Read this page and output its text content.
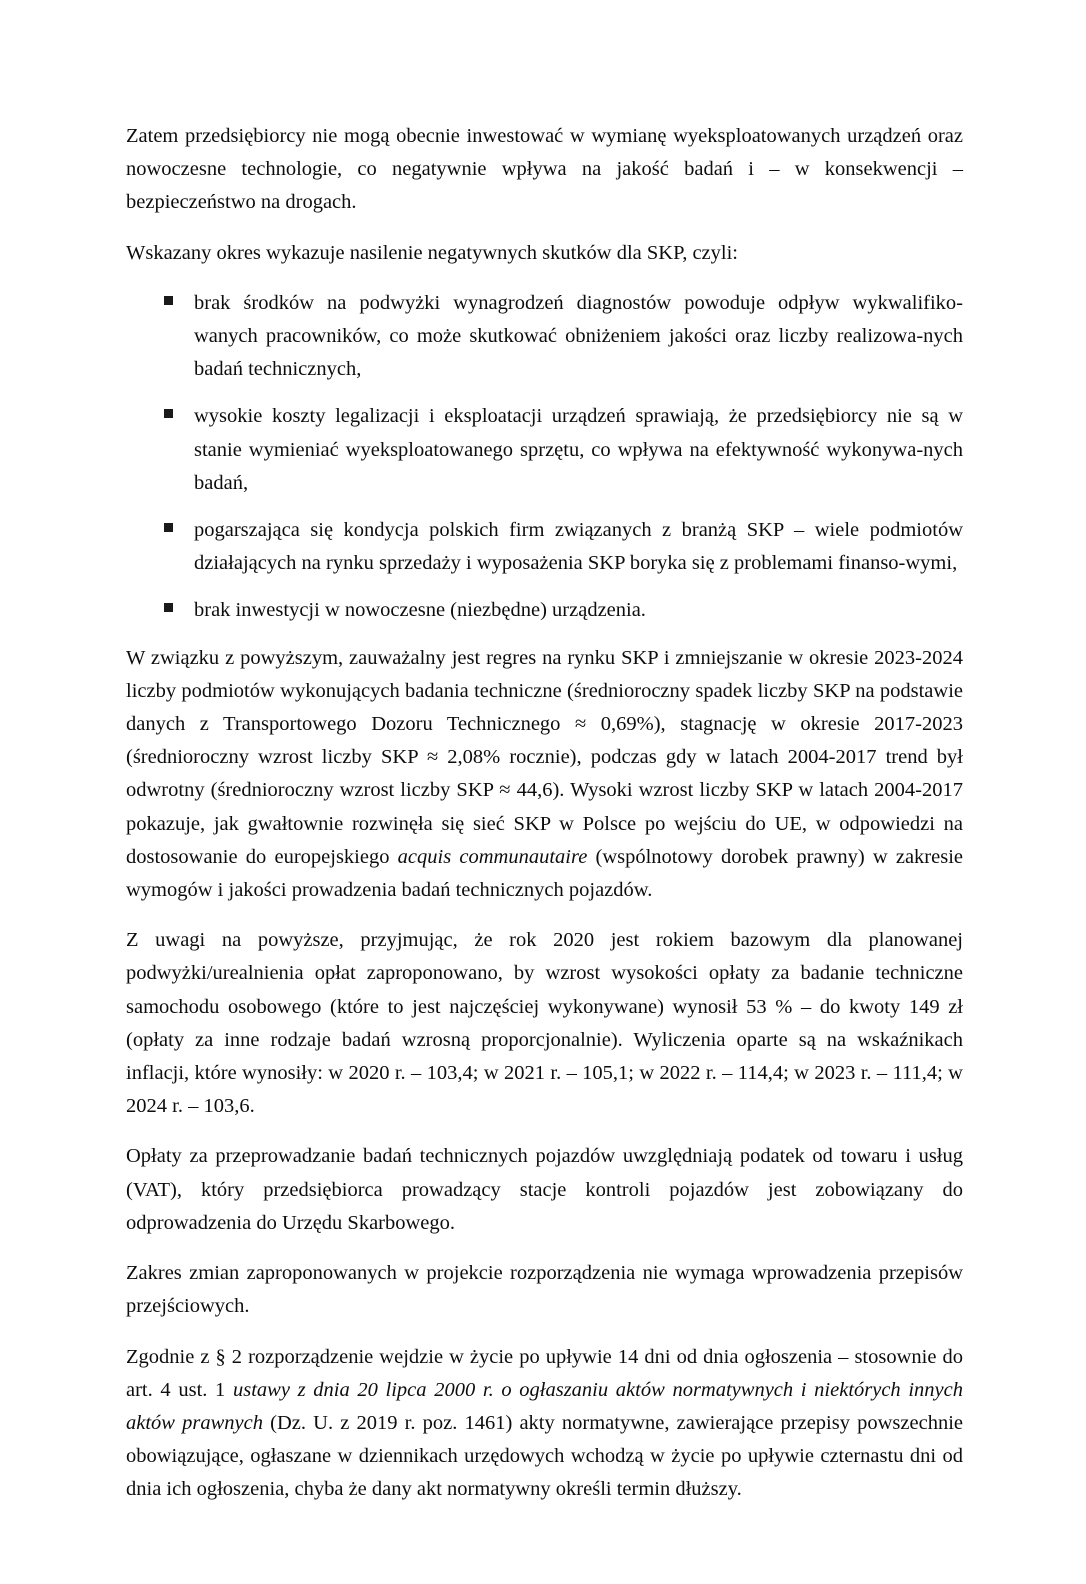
Zatem przedsiębiorcy nie mogą obecnie inwestować w wymianę wyeksploatowanych urządzeń oraz nowoczesne technologie, co negatywnie wpływa na jakość badań i – w konsekwencji – bezpieczeństwo na drogach.

Wskazany okres wykazuje nasilenie negatywnych skutków dla SKP, czyli:

brak środków na podwyżki wynagrodzeń diagnostów powoduje odpływ wykwalifiko-wanych pracowników, co może skutkować obniżeniem jakości oraz liczby realizowa-nych badań technicznych,
wysokie koszty legalizacji i eksploatacji urządzeń sprawiają, że przedsiębiorcy nie są w stanie wymieniać wyeksploatowanego sprzętu, co wpływa na efektywność wykonywa-nych badań,
pogarszająca się kondycja polskich firm związanych z branżą SKP – wiele podmiotów działających na rynku sprzedaży i wyposażenia SKP boryka się z problemami finanso-wymi,
brak inwestycji w nowoczesne (niezbędne) urządzenia.

W związku z powyższym, zauważalny jest regres na rynku SKP i zmniejszanie w okresie 2023-2024 liczby podmiotów wykonujących badania techniczne (średnioroczny spadek liczby SKP na podstawie danych z Transportowego Dozoru Technicznego ≈ 0,69%), stagnację w okresie 2017-2023 (średnioroczny wzrost liczby SKP ≈ 2,08% rocznie), podczas gdy w latach 2004-2017 trend był odwrotny (średnioroczny wzrost liczby SKP ≈ 44,6). Wysoki wzrost liczby SKP w latach 2004-2017 pokazuje, jak gwałtownie rozwinęła się sieć SKP w Polsce po wejściu do UE, w odpowiedzi na dostosowanie do europejskiego acquis communautaire (wspólnotowy dorobek prawny) w zakresie wymogów i jakości prowadzenia badań technicznych pojazdów.

Z uwagi na powyższe, przyjmując, że rok 2020 jest rokiem bazowym dla planowanej podwyżki/urealnienia opłat zaproponowano, by wzrost wysokości opłaty za badanie techniczne samochodu osobowego (które to jest najczęściej wykonywane) wynosił 53 % – do kwoty 149 zł (opłaty za inne rodzaje badań wzrosną proporcjonalnie). Wyliczenia oparte są na wskaźnikach inflacji, które wynosiły: w 2020 r. – 103,4; w 2021 r. – 105,1; w 2022 r. – 114,4; w 2023 r. – 111,4; w 2024 r. – 103,6.

Opłaty za przeprowadzanie badań technicznych pojazdów uwzględniają podatek od towaru i usług (VAT), który przedsiębiorca prowadzący stacje kontroli pojazdów jest zobowiązany do odprowadzenia do Urzędu Skarbowego.

Zakres zmian zaproponowanych w projekcie rozporządzenia nie wymaga wprowadzenia przepisów przejściowych.

Zgodnie z § 2 rozporządzenie wejdzie w życie po upływie 14 dni od dnia ogłoszenia – stosownie do art. 4 ust. 1 ustawy z dnia 20 lipca 2000 r. o ogłaszaniu aktów normatywnych i niektórych innych aktów prawnych (Dz. U. z 2019 r. poz. 1461) akty normatywne, zawierające przepisy powszechnie obowiązujące, ogłaszane w dziennikach urzędowych wchodzą w życie po upływie czternastu dni od dnia ich ogłoszenia, chyba że dany akt normatywny określi termin dłuższy.
